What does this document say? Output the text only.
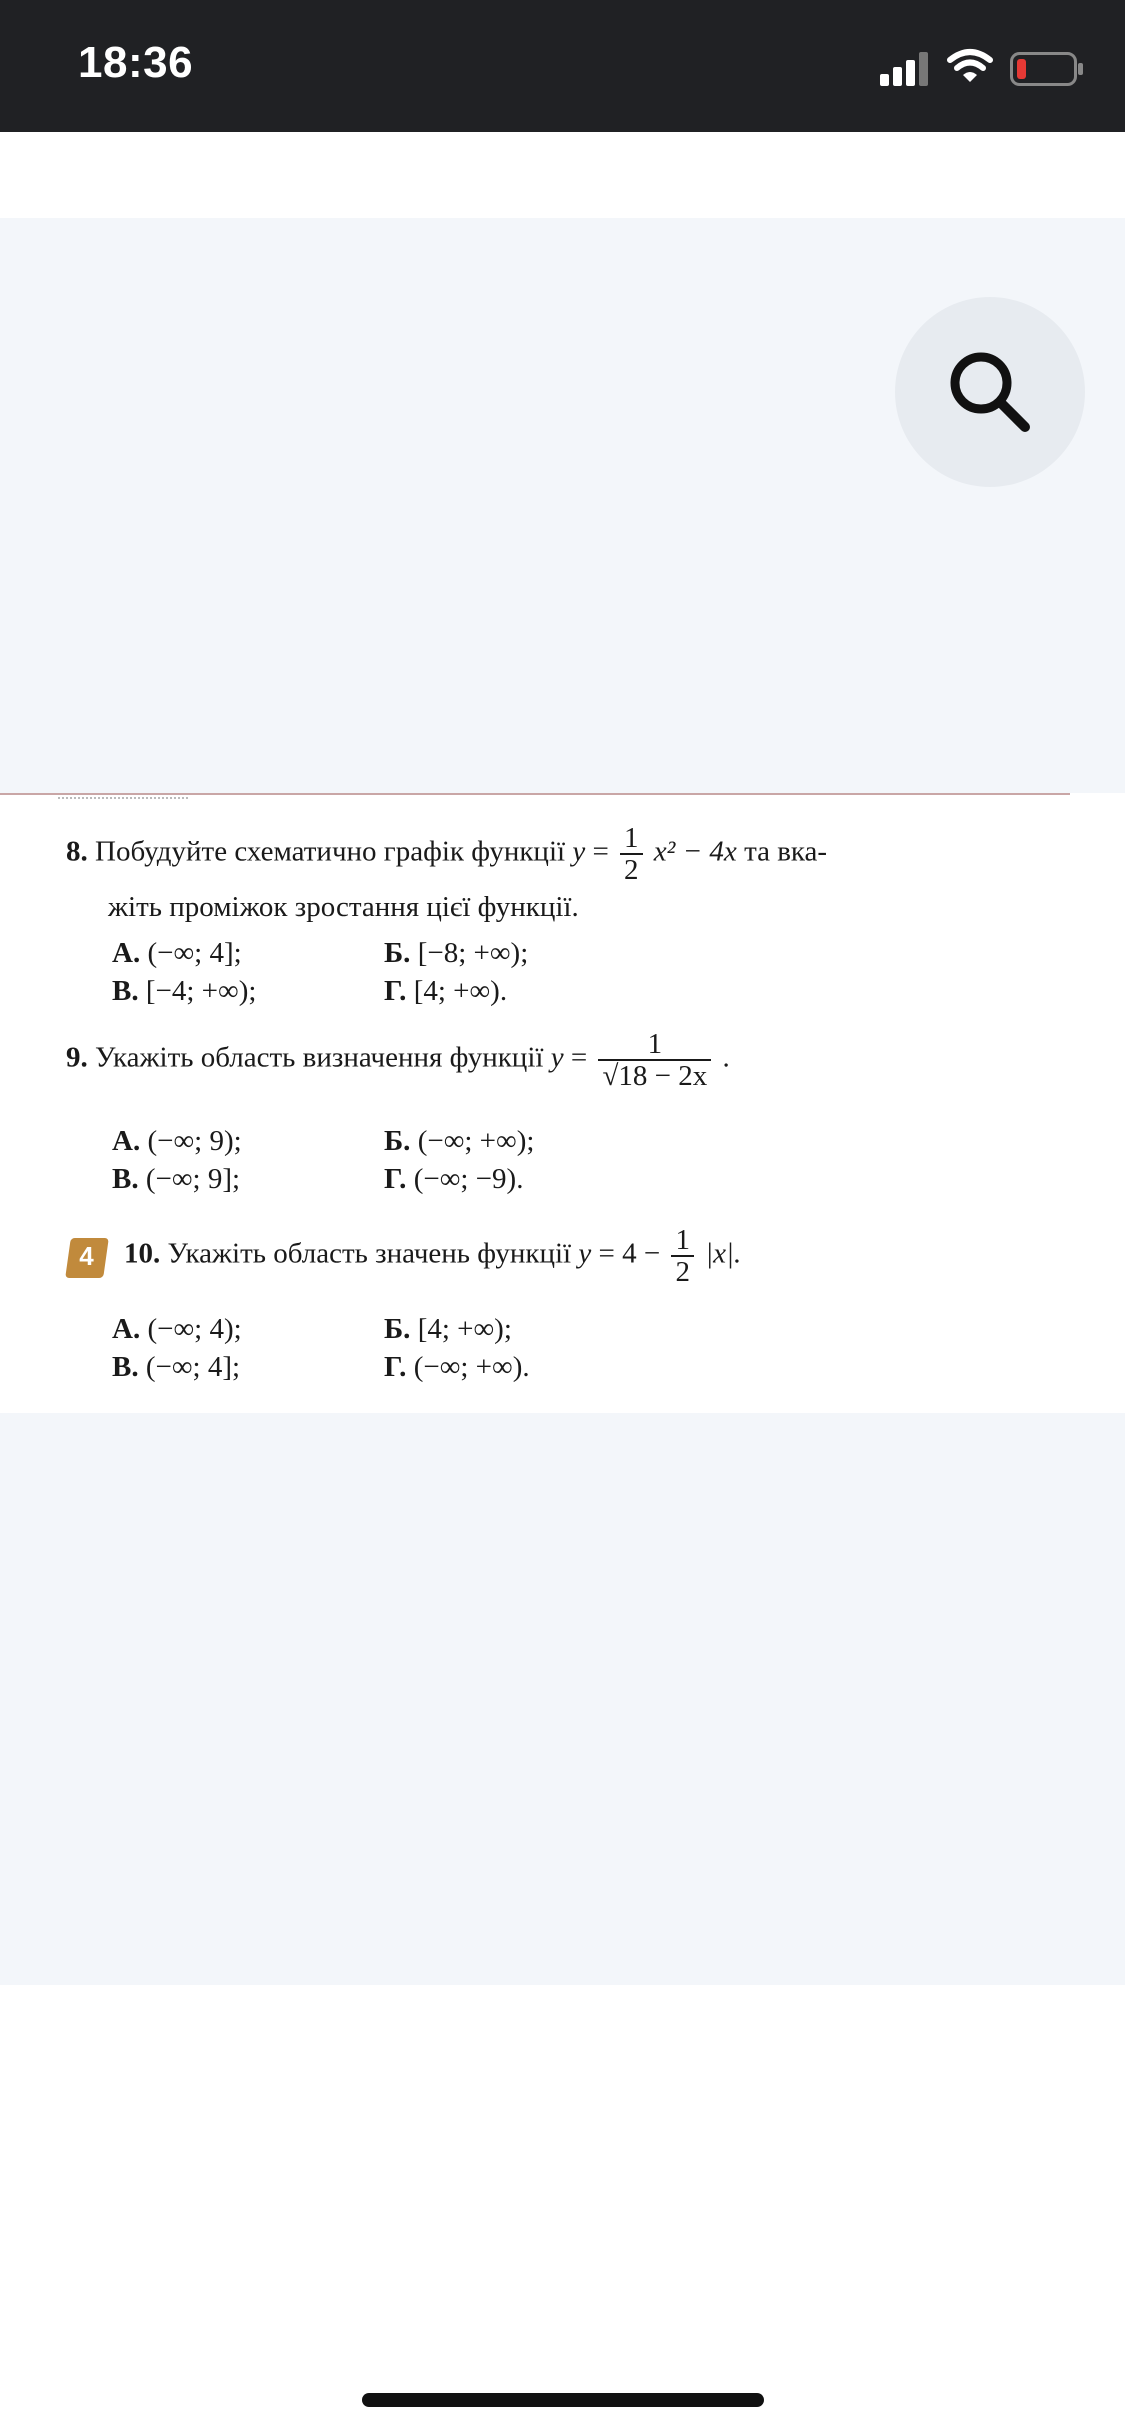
18:36
8. Побудуйте схематично графік функції $y = \frac{1}{2} x^2 - 4x$ та вка-
жіть проміжок зростання цієї функції.
А. (−∞; 4];	Б. [−8; +∞);
В. [−4; +∞);	Г. [4; +∞).
9. Укажіть область визначення функції $y = \frac{1}{√18 - 2x}$ .
А. (−∞; 9);	Б. (−∞; +∞);
В. (−∞; 9];	Г. (−∞; −9).
4 10. Укажіть область значень функції $y = 4 - \frac{1}{2} |x|$.
А. (−∞; 4);	Б. [4; +∞);
В. (−∞; 4];	Г. (−∞; +∞).
